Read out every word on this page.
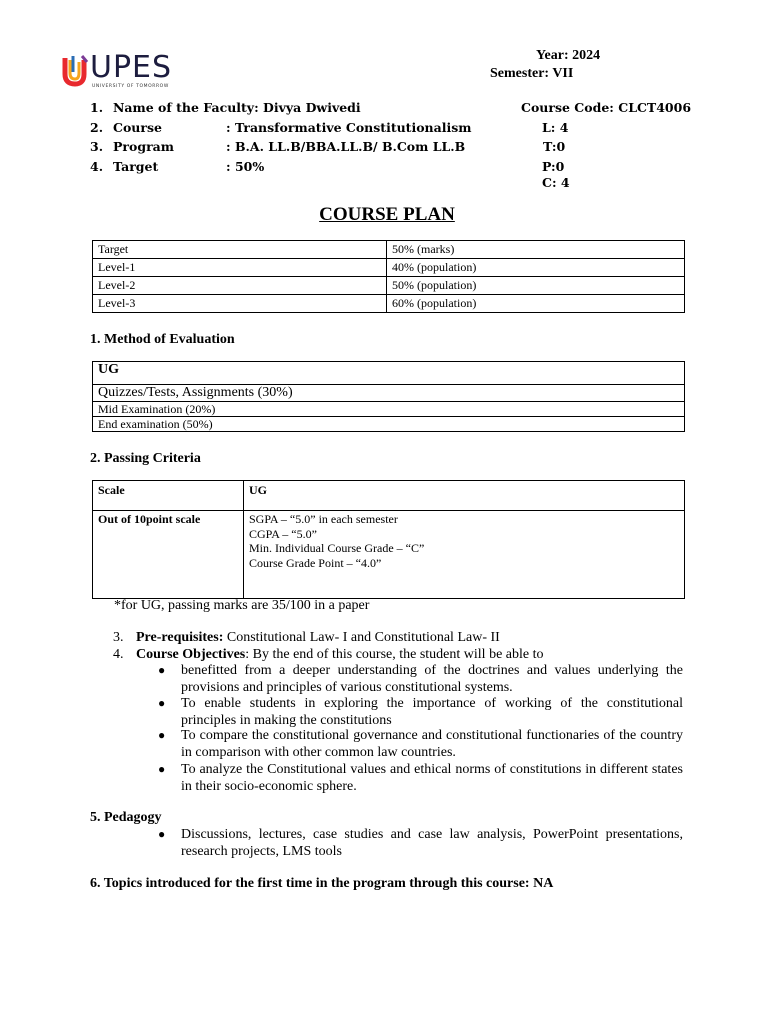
UPES
UNIVERSITY OF TOMORROW
Year: 2024
Semester: VII
1. Name of the Faculty: Divya Dwivedi	Course Code: CLCT4006
2. Course	: Transformative Constitutionalism	L: 4
3. Program	: B.A. LL.B/BBA.LL.B/ B.Com LL.B	T:0
4. Target	: 50%	P:0
C: 4
COURSE PLAN
Target	50% (marks)
Level-1	40% (population)
Level-2	50% (population)
Level-3	60% (population)
1. Method of Evaluation
UG
Quizzes/Tests, Assignments (30%)
Mid Examination (20%)
End examination (50%)
2. Passing Criteria
Scale	UG
Out of 10point scale	SGPA – “5.0” in each semester
CGPA – “5.0”
Min. Individual Course Grade – “C”
Course Grade Point – “4.0”
*for UG, passing marks are 35/100 in a paper
3. Pre-requisites: Constitutional Law- I and Constitutional Law- II
4. Course Objectives: By the end of this course, the student will be able to
● benefitted from a deeper understanding of the doctrines and values underlying the provisions and principles of various constitutional systems.
● To enable students in exploring the importance of working of the constitutional principles in making the constitutions
● To compare the constitutional governance and constitutional functionaries of the country in comparison with other common law countries.
● To analyze the Constitutional values and ethical norms of constitutions in different states in their socio-economic sphere.
5. Pedagogy
● Discussions, lectures, case studies and case law analysis, PowerPoint presentations, research projects, LMS tools
6. Topics introduced for the first time in the program through this course: NA
